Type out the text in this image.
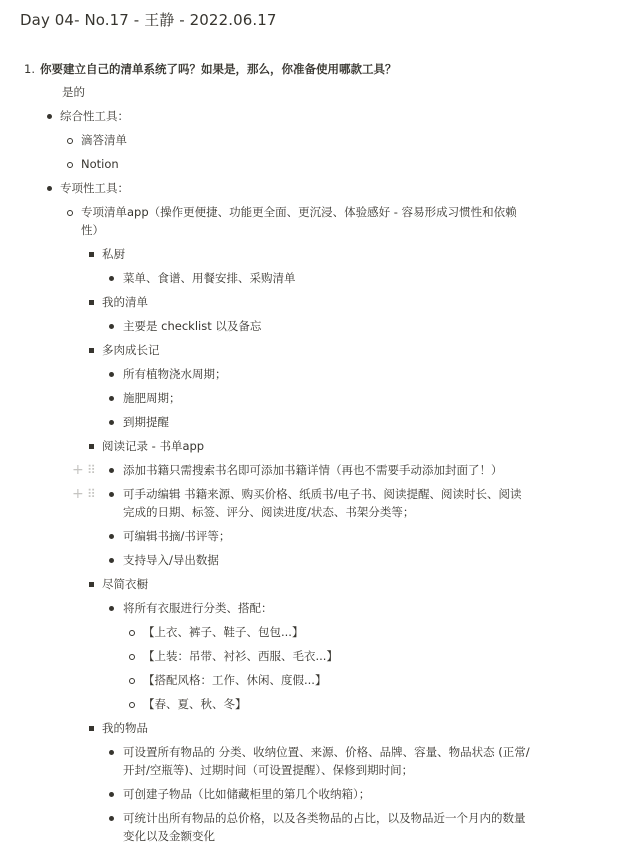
Day 04- No.17 - 王静 - 2022.06.17
1. 你要建立自己的清单系统了吗？如果是，那么，你准备使用哪款工具？
是的
综合性工具：
滴答清单
Notion
专项性工具：
专项清单app（操作更便捷、功能更全面、更沉浸、体验感好 - 容易形成习惯性和依赖
性）
私厨
菜单、食谱、用餐安排、采购清单
我的清单
主要是 checklist 以及备忘
多肉成长记
所有植物浇水周期；
施肥周期；
到期提醒
阅读记录 - 书单app
+ ⠿ 添加书籍只需搜索书名即可添加书籍详情（再也不需要手动添加封面了！）
+ ⠿ 可手动编辑 书籍来源、购买价格、纸质书/电子书、阅读提醒、阅读时长、阅读
完成的日期、标签、评分、阅读进度/状态、书架分类等；
可编辑书摘/书评等；
支持导入/导出数据
尽简衣橱
将所有衣服进行分类、搭配：
【上衣、裤子、鞋子、包包...】
【上装：吊带、衬衫、西服、毛衣...】
【搭配风格：工作、休闲、度假...】
【春、夏、秋、冬】
我的物品
可设置所有物品的 分类、收纳位置、来源、价格、品牌、容量、物品状态 (正常/
开封/空瓶等)、过期时间（可设置提醒）、保修到期时间；
可创建子物品（比如储藏柜里的第几个收纳箱）；
可统计出所有物品的总价格，以及各类物品的占比，以及物品近一个月内的数量
变化以及金额变化
